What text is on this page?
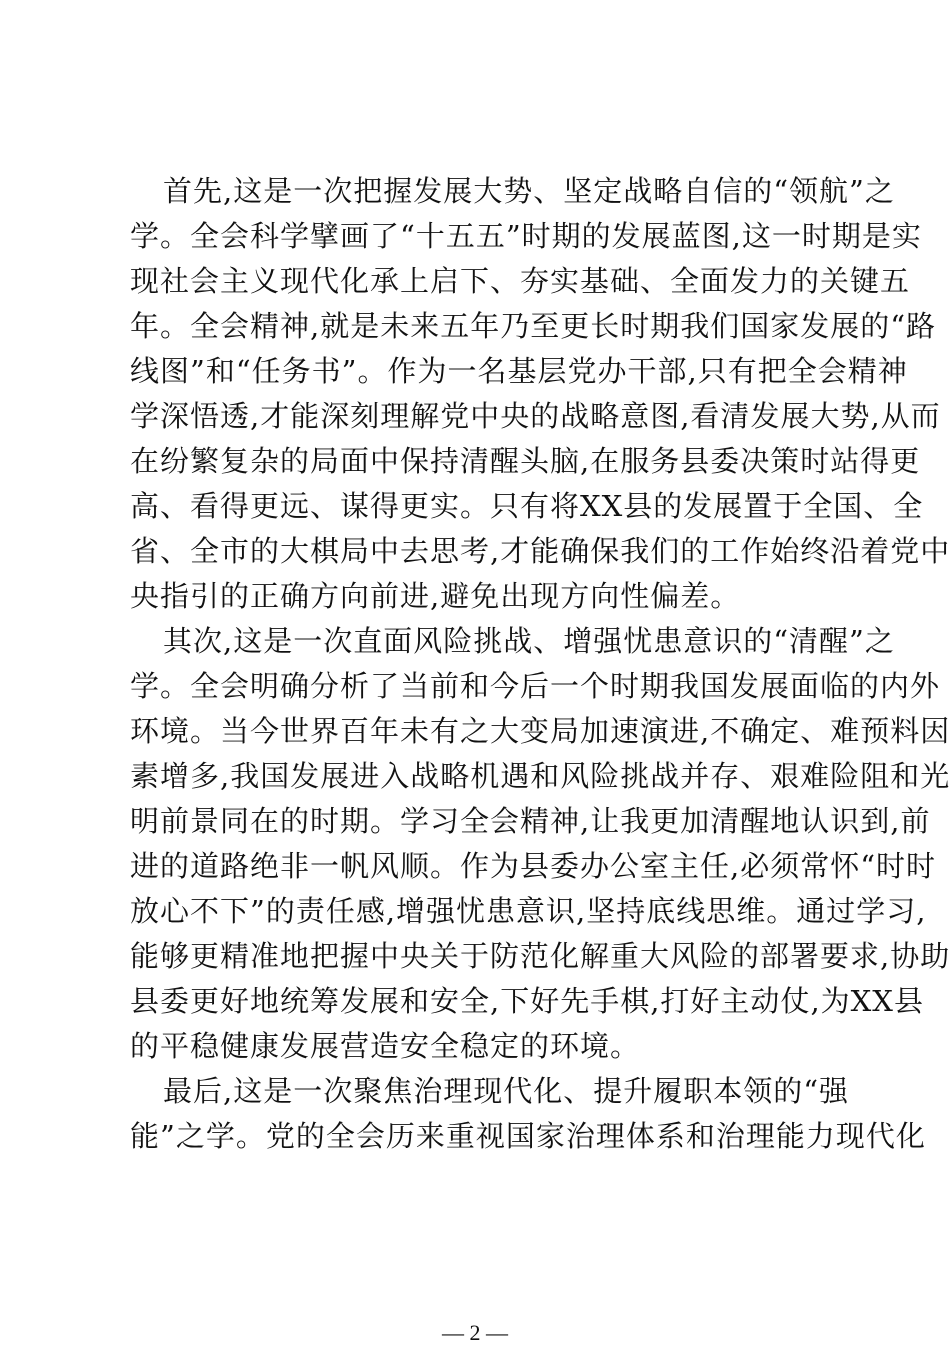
首先,这是一次把握发展大势、坚定战略自信的“领航”之
学。全会科学擘画了“十五五”时期的发展蓝图,这一时期是实
现社会主义现代化承上启下、夯实基础、全面发力的关键五
年。全会精神,就是未来五年乃至更长时期我们国家发展的“路
线图”和“任务书”。作为一名基层党办干部,只有把全会精神
学深悟透,才能深刻理解党中央的战略意图,看清发展大势,从而
在纷繁复杂的局面中保持清醒头脑,在服务县委决策时站得更
高、看得更远、谋得更实。只有将XX县的发展置于全国、全
省、全市的大棋局中去思考,才能确保我们的工作始终沿着党中
央指引的正确方向前进,避免出现方向性偏差。
其次,这是一次直面风险挑战、增强忧患意识的“清醒”之
学。全会明确分析了当前和今后一个时期我国发展面临的内外
环境。当今世界百年未有之大变局加速演进,不确定、难预料因
素增多,我国发展进入战略机遇和风险挑战并存、艰难险阻和光
明前景同在的时期。学习全会精神,让我更加清醒地认识到,前
进的道路绝非一帆风顺。作为县委办公室主任,必须常怀“时时
放心不下”的责任感,增强忧患意识,坚持底线思维。通过学习,
能够更精准地把握中央关于防范化解重大风险的部署要求,协助
县委更好地统筹发展和安全,下好先手棋,打好主动仗,为XX县
的平稳健康发展营造安全稳定的环境。
最后,这是一次聚焦治理现代化、提升履职本领的“强
能”之学。党的全会历来重视国家治理体系和治理能力现代化
— 2 —
